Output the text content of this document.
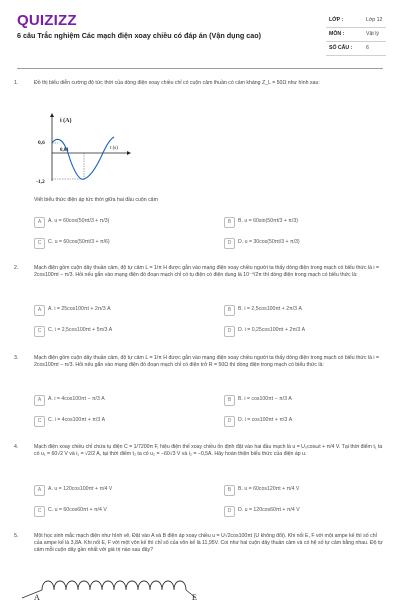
QUIZIZZ
6 câu Trắc nghiệm Các mạch điện xoay chiều có đáp án (Vận dụng cao)
LỚP :	Lớp 12
MÔN :	Vật lý
SỐ CÂU :	6
1.	Đồ thị biểu diễn cường độ tức thời của dòng điện xoay chiều chỉ có cuộn cảm thuần có cảm kháng Z_L = 50Ω như hình sau:
Viết biểu thức điện áp tức thời giữa hai đầu cuộn cảm
A	A. u = 60cos(50πt/3 + π/3)	B	B. u = 60sin(50πt/3 + π/3)
C	C. u = 60cos(50πt/3 + π/6)	D	D. u = 30cos(50πt/3 + π/3)
i (A)
t (s)
0,6
-1,2
0,01
2.	Mạch điện gồm cuộn dây thuần cảm, độ tự cảm L = 1/π H được gắn vào mạng điện xoay chiều người ta thấy dòng điện trong mạch có biểu thức là i = 2cos100πt − π/3. Hỏi nếu gắn vào mạng điện đó đoạn mạch chỉ có tụ điện có điện dung là 10⁻⁴/2π thì dòng điện trong mạch có biểu thức là:
A	A. i = 25cos100πt + 2π/3 A	B	B. i = 2,5cos100πt + 2π/3 A
C	C. i = 2,5cos100πt + 5π/3 A	D	D. i = 0,25cos100πt + 2π/3 A
3.	Mạch điện gồm cuộn dây thuần cảm, độ tự cảm L = 1/π H được gắn vào mạng điện xoay chiều người ta thấy dòng điện trong mạch có biểu thức là i = 2cos100πt − π/3. Hỏi nếu gắn vào mạng điện đó đoạn mạch chỉ có điện trở R = 50Ω thì dòng điện trong mạch có biểu thức là:
A	A. i = 4cos100πt − π/3 A	B	B. i = cos100πt − π/3 A
C	C. i = 4cos100πt + π/3 A	D	D. i = cos100πt + π/3 A
4.	Mạch điện xoay chiều chỉ chứa tụ điện C = 1/7200π F, hiệu điện thế xoay chiều ổn định đặt vào hai đầu mạch là u = U₀cosωt + π/4 V. Tại thời điểm t₁ ta có u₁ = 60√2 V và i₁ = √2/2 A, tại thời điểm t₂ ta có u₂ = −60√3 V và i₂ = −0,5A. Hãy hoàn thiện biểu thức của điện áp u.
A	A. u = 120cos100πt + π/4 V	B	B. u = 60cos120πt + π/4 V
C	C. u = 60cos60πt + π/4 V	D	D. u = 120cos60πt + π/4 V
5.	Một học sinh mắc mạch điện như hình vẽ. Đặt vào A và B điện áp xoay chiều u = U√2cos100πt (U không đổi). Khi nối E, F với một ampe kế thì số chỉ của ampe kế là 3,8A. Khi nối E, F với một vôn kế thì chỉ số của vôn kế là 11,95V. Coi như hai cuộn dây thuần cảm và có hệ số tự cảm bằng nhau. Độ tự cảm mỗi cuộn dây gần nhất với giá trị nào sau đây?
A	E
